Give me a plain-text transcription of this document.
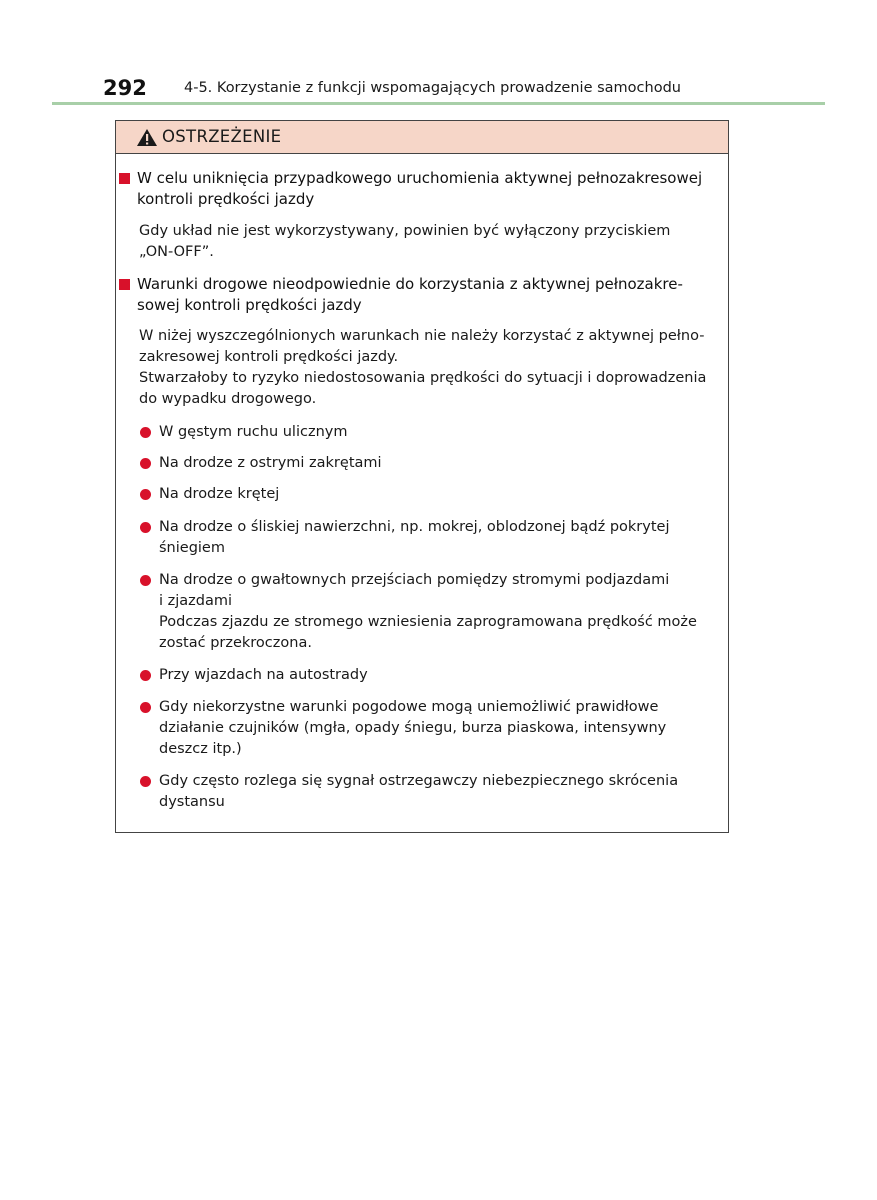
292	4-5. Korzystanie z funkcji wspomagających prowadzenie samochodu
OSTRZEŻENIE
W celu uniknięcia przypadkowego uruchomienia aktywnej pełnozakresowej
kontroli prędkości jazdy
Gdy układ nie jest wykorzystywany, powinien być wyłączony przyciskiem
„ON-OFF”.
Warunki drogowe nieodpowiednie do korzystania z aktywnej pełnozakre-
sowej kontroli prędkości jazdy
W niżej wyszczególnionych warunkach nie należy korzystać z aktywnej pełno-
zakresowej kontroli prędkości jazdy.
Stwarzałoby to ryzyko niedostosowania prędkości do sytuacji i doprowadzenia
do wypadku drogowego.
W gęstym ruchu ulicznym
Na drodze z ostrymi zakrętami
Na drodze krętej
Na drodze o śliskiej nawierzchni, np. mokrej, oblodzonej bądź pokrytej
śniegiem
Na drodze o gwałtownych przejściach pomiędzy stromymi podjazdami
i zjazdami
Podczas zjazdu ze stromego wzniesienia zaprogramowana prędkość może
zostać przekroczona.
Przy wjazdach na autostrady
Gdy niekorzystne warunki pogodowe mogą uniemożliwić prawidłowe
działanie czujników (mgła, opady śniegu, burza piaskowa, intensywny
deszcz itp.)
Gdy często rozlega się sygnał ostrzegawczy niebezpiecznego skrócenia
dystansu
